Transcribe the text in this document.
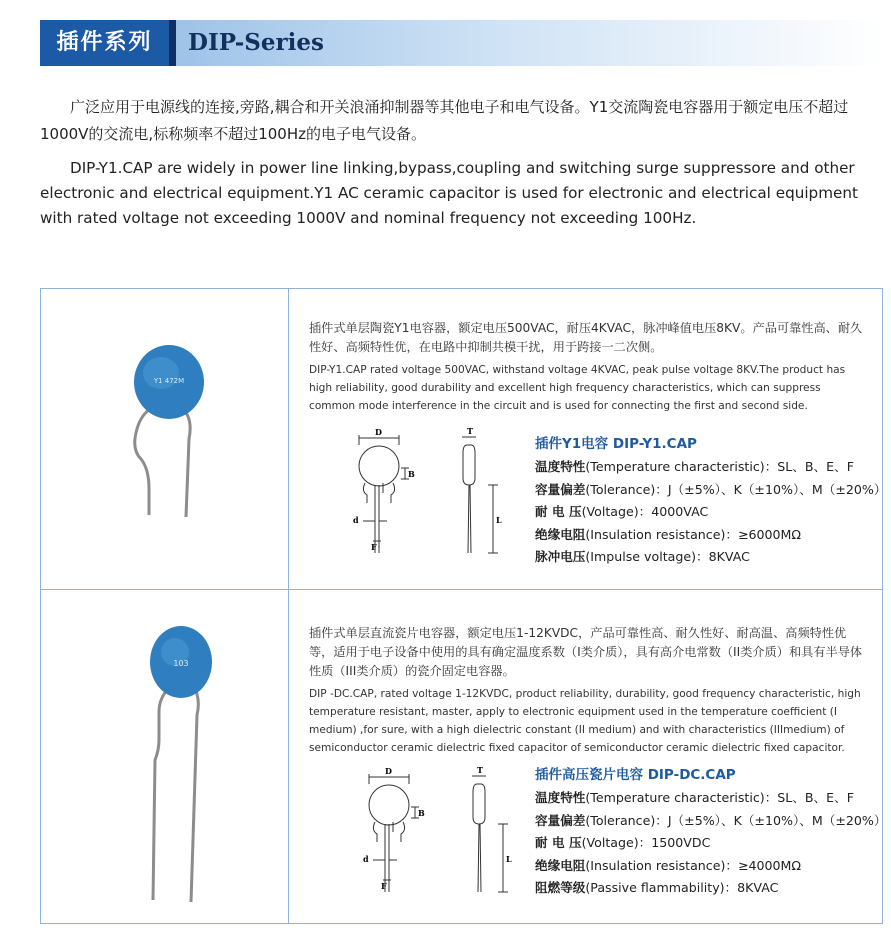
插件系列	DIP-Series

广泛应用于电源线的连接,旁路,耦合和开关浪涌抑制器等其他电子和电气设备。Y1交流陶瓷电容器用于额定电压不超过1000V的交流电,标称频率不超过100Hz的电子电气设备。

DIP-Y1.CAP are widely in power line linking,bypass,coupling and switching surge suppressore and other electronic and electrical equipment.Y1 AC ceramic capacitor is used for electronic and electrical equipment with rated voltage not exceeding 1000V and nominal frequency not exceeding 100Hz.

Y1 472M

插件式单层陶瓷Y1电容器，额定电压500VAC，耐压4KVAC，脉冲峰值电压8KV。产品可靠性高、耐久性好、高频特性优，在电路中抑制共模干扰，用于跨接一二次侧。

DIP-Y1.CAP rated voltage 500VAC, withstand voltage 4KVAC, peak pulse voltage 8KV.The product has high reliability, good durability and excellent high frequency characteristics, which can suppress common mode interference in the circuit and is used for connecting the first and second side.

D	T
B
L
d
F
插件Y1电容 DIP-Y1.CAP
温度特性(Temperature characteristic)：SL、B、E、F
容量偏差(Tolerance)：J（±5%）、K（±10%）、M（±20%）
耐 电 压(Voltage)：4000VAC
绝缘电阻(Insulation resistance)：≥6000MΩ
脉冲电压(Impulse voltage)：8KVAC
103

插件式单层直流瓷片电容器，额定电压1-12KVDC，产品可靠性高、耐久性好、耐高温、高频特性优等，适用于电子设备中使用的具有确定温度系数（I类介质），具有高介电常数（II类介质）和具有半导体性质（III类介质）的瓷介固定电容器。

DIP -DC.CAP, rated voltage 1-12KVDC, product reliability, durability, good frequency characteristic, high temperature resistant, master, apply to electronic equipment used in the temperature coefficient (I medium) ,for sure, with a high dielectric constant (II medium) and with characteristics (IIImedium) of semiconductor ceramic dielectric fixed capacitor of semiconductor ceramic dielectric fixed capacitor.

D	T
B
L
d
F
插件高压瓷片电容 DIP-DC.CAP
温度特性(Temperature characteristic)：SL、B、E、F
容量偏差(Tolerance)：J（±5%）、K（±10%）、M（±20%）
耐 电 压(Voltage)：1500VDC
绝缘电阻(Insulation resistance)：≥4000MΩ
阻燃等级(Passive flammability)：8KVAC
